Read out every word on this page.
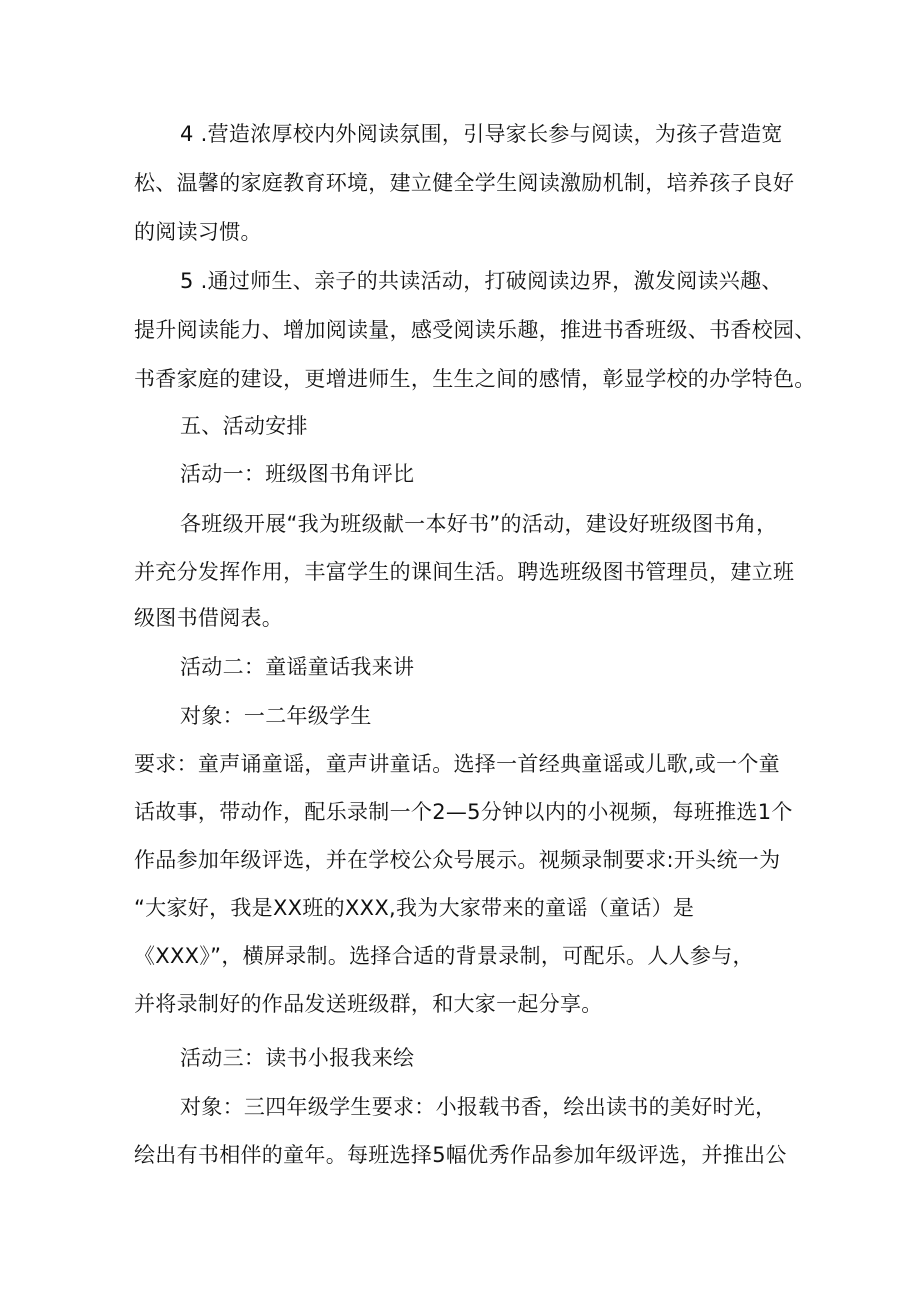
4 .营造浓厚校内外阅读氛围，引导家长参与阅读，为孩子营造宽
松、温馨的家庭教育环境，建立健全学生阅读激励机制，培养孩子良好
的阅读习惯。
5 .通过师生、亲子的共读活动，打破阅读边界，激发阅读兴趣、
提升阅读能力、增加阅读量，感受阅读乐趣，推进书香班级、书香校园、
书香家庭的建设，更增进师生，生生之间的感情，彰显学校的办学特色。
五、活动安排
活动一：班级图书角评比
各班级开展“我为班级献一本好书”的活动，建设好班级图书角，
并充分发挥作用，丰富学生的课间生活。聘选班级图书管理员，建立班
级图书借阅表。
活动二：童谣童话我来讲
对象：一二年级学生
要求：童声诵童谣，童声讲童话。选择一首经典童谣或儿歌,或一个童
话故事，带动作，配乐录制一个2—5分钟以内的小视频，每班推选1个
作品参加年级评选，并在学校公众号展示。视频录制要求:开头统一为
“大家好，我是XX班的XXX,我为大家带来的童谣（童话）是
《XXX》”，横屏录制。选择合适的背景录制，可配乐。人人参与，
并将录制好的作品发送班级群，和大家一起分享。
活动三：读书小报我来绘
对象：三四年级学生要求：小报载书香，绘出读书的美好时光，
绘出有书相伴的童年。每班选择5幅优秀作品参加年级评选，并推出公
